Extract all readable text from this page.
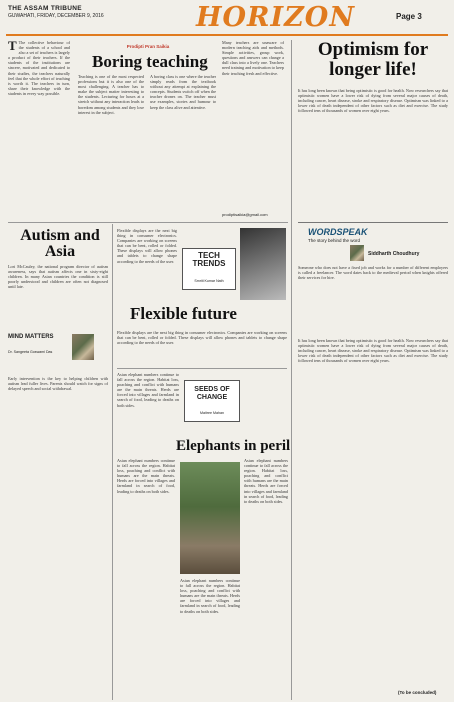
THE ASSAM TRIBUNE
GUWAHATI, FRIDAY, DECEMBER 9, 2016	HORIZON	Page 3
T The collective behaviour of the students of a school and also a set of teachers is largely a product of their teachers. If the students of the institutions are sincere, motivated and dedicated to their studies, the teachers naturally feel that the whole effort of teaching is worth it. The teachers in turn, share their knowledge with the students in every way possible.
Prodipti Pran Saikia
Boring teaching
Teaching is one of the most respected professions but it is also one of the most challenging. A teacher has to make the subject matter interesting to the students. Lecturing for hours at a stretch without any interaction leads to boredom among students and they lose interest in the subject.
A boring class is one where the teacher simply reads from the textbook without any attempt at explaining the concepts. Students switch off when the teacher drones on. The teacher must use examples, stories and humour to keep the class alive and attentive.
Many teachers are unaware of modern teaching aids and methods. Simple activities, group work, questions and answers can change a dull class into a lively one. Teachers need training and motivation to keep their teaching fresh and effective.
prodiptisaikia@gmail.com
Optimism for longer life!
It has long been known that being optimistic is good for health. Now researchers say that optimistic women have a lower risk of dying from several major causes of death, including cancer, heart disease, stroke and respiratory disease. Optimism was linked to a lower risk of death independent of other factors such as diet and exercise. The study followed tens of thousands of women over eight years.
WORDSPEAK
The story behind the word
Siddharth Choudhury
Someone who does not have a fixed job and works for a number of different employers is called a freelancer. The word dates back to the medieval period when knights offered their services for hire.
Autism and Asia
Lori McCauley, the national program director of autism awareness, says that autism affects one in sixty-eight children. In many Asian countries the condition is still poorly understood and children are often not diagnosed until late.
MIND MATTERS
Dr. Sangeeta Goswami Das
Early intervention is the key to helping children with autism lead fuller lives. Parents should watch for signs of delayed speech and social withdrawal.
Flexible displays are the next big thing in consumer electronics. Companies are working on screens that can be bent, rolled or folded. These displays will allow phones and tablets to change shape according to the needs of the user.
TECH TRENDS
Smriti Kumar Nath
Flexible future
Flexible displays are the next big thing in consumer electronics. Companies are working on screens that can be bent, rolled or folded. These displays will allow phones and tablets to change shape according to the needs of the user.
Asian elephant numbers continue to fall across the region. Habitat loss, poaching and conflict with humans are the main threats. Herds are forced into villages and farmland in search of food, leading to deaths on both sides.
SEEDS OF CHANGE
Maitree Mahan
Elephants in peril
Asian elephant numbers continue to fall across the region. Habitat loss, poaching and conflict with humans are the main threats. Herds are forced into villages and farmland in search of food, leading to deaths on both sides.
Asian elephant numbers continue to fall across the region. Habitat loss, poaching and conflict with humans are the main threats. Herds are forced into villages and farmland in search of food, leading to deaths on both sides.
Asian elephant numbers continue to fall across the region. Habitat loss, poaching and conflict with humans are the main threats. Herds are forced into villages and farmland in search of food, leading to deaths on both sides.
It has long been known that being optimistic is good for health. Now researchers say that optimistic women have a lower risk of dying from several major causes of death, including cancer, heart disease, stroke and respiratory disease. Optimism was linked to a lower risk of death independent of other factors such as diet and exercise. The study followed tens of thousands of women over eight years.
(To be concluded)
